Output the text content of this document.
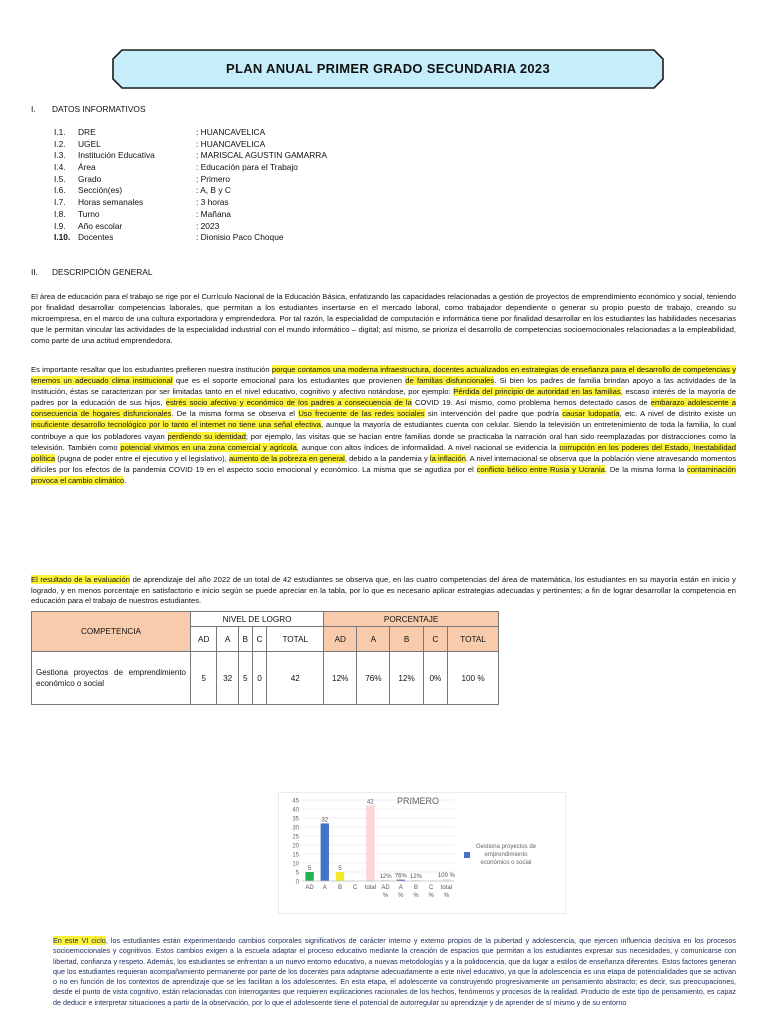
PLAN ANUAL PRIMER GRADO SECUNDARIA 2023
I. DATOS INFORMATIVOS
I.1. DRE	: HUANCAVELICA
I.2. UGEL	: HUANCAVELICA
I.3. Institución Educativa	: MARISCAL AGUSTIN GAMARRA
I.4. Área	: Educación para el Trabajo
I.5. Grado	: Primero
I.6. Sección(es)	: A, B y C
I.7. Horas semanales	: 3 horas
I.8. Turno	: Mañana
I.9. Año escolar	: 2023
I.10. Docentes	: Dionisio Paco Choque
II. DESCRIPCIÓN GENERAL
El área de educación para el trabajo se rige por el Currículo Nacional de la Educación Básica, enfatizando las capacidades relacionadas a gestión de proyectos de emprendimiento económico y social, teniendo por finalidad desarrollar competencias laborales, que permitan a los estudiantes insertarse en el mercado laboral, como trabajador dependiente o generar su propio puesto de trabajo, creando su microempresa, en el marco de una cultura exportadora y emprendedora. Por tal razón, la especialidad de computación e informática tiene por finalidad desarrollar en los estudiantes las habilidades necesarias que le permitan vincular las actividades de la especialidad industrial con el mundo informático – digital; así mismo, se prioriza el desarrollo de competencias socioemocionales relacionadas a la empleabilidad, como parte de una actitud emprendedora.
Es importante resaltar que los estudiantes prefieren nuestra institución porque contamos una moderna infraestructura, docentes actualizados en estrategias de enseñanza para el desarrollo de competencias y tenemos un adecuado clima institucional que es el soporte emocional para los estudiantes que provienen de familias disfuncionales. Si bien los padres de familia brindan apoyo a las actividades de la Institución, éstas se caracterizan por ser limitadas tanto en el nivel educativo, cognitivo y afectivo notándose, por ejemplo: Pérdida del principio de autoridad en las familias, escaso interés de la mayoría de padres por la educación de sus hijos, estrés socio afectivo y económico de los padres a consecuencia de la COVID 19. Así mismo, como problema hemos detectado casos de embarazo adolescente a consecuencia de hogares disfuncionales. De la misma forma se observa el Uso frecuente de las redes sociales sin intervención del padre que podría causar ludopatía, etc. A nivel de distrito existe un insuficiente desarrollo tecnológico por lo tanto el internet no tiene una señal efectiva, aunque la mayoría de estudiantes cuenta con celular. Siendo la televisión un entretenimiento de toda la familia, lo cual contribuye a que los pobladores vayan perdiendo su identidad; por ejemplo, las visitas que se hacían entre familias donde se practicaba la narración oral han sido reemplazadas por distracciones como la televisión. También como potencial vivimos en una zona comercial y agrícola, aunque con altos índices de informalidad. A nivel nacional se evidencia la corrupción en los poderes del Estado, Inestabilidad política (pugna de poder entre el ejecutivo y el legislativo), aumento de la pobreza en general, debido a la pandemia y la inflación. A nivel internacional se observa que la población viene atravesando momentos difíciles por los efectos de la pandemia COVID 19 en el aspecto socio emocional y económico. La misma que se agudiza por el conflicto bélico entre Rusia y Ucrania. De la misma forma la contaminación provoca el cambio climático.
El resultado de la evaluación de aprendizaje del año 2022 de un total de 42 estudiantes se observa que, en las cuatro competencias del área de matemática, los estudiantes en su mayoría están en inicio y logrado, y en menos porcentaje en satisfactorio e inicio según se puede apreciar en la tabla, por lo que es necesario aplicar estrategias adecuadas y pertinentes; a fin de lograr desarrollar la competencia en educación para el trabajo de nuestros estudiantes.
COMPETENCIA	NIVEL DE LOGRO					PORCENTAJE				
	AD	A	B	C	TOTAL	AD	A	B	C	TOTAL
Gestiona proyectos de emprendimiento económico o social	5	32	5	0	42	12%	76%	12%	0%	100 %
PRIMERO
0
5
10
15
20
25
30
35
40
45
5
AD
32
A
5
B C
42
total
12%
AD
%
76%
A
%
12%
B
%
C
%
100 %
total
%
Gestiona proyectos de
emprendimiento
económico o social
En este VI ciclo, los estudiantes están experimentando cambios corporales significativos de carácter interno y externo propios de la pubertad y adolescencia, que ejercen influencia decisiva en los procesos socioemocionales y cognitivos. Estos cambios exigen a la escuela adaptar el proceso educativo mediante la creación de espacios que permitan a los estudiantes expresar sus necesidades, y comunicarse con libertad, confianza y respeto. Además, los estudiantes se enfrentan a un nuevo entorno educativo, a nuevas metodologías y a la polidocencia, que da lugar a estilos de enseñanza diferentes. Estos factores generan que los estudiantes requieran acompañamiento permanente por parte de los docentes para adaptarse adecuadamente a este nivel educativo, ya que la adolescencia es una etapa de potencialidades que se activan o no en función de los contextos de aprendizaje que se les facilitan a los adolescentes. En esta etapa, el adolescente va construyendo progresivamente un pensamiento abstracto; es decir, sus preocupaciones, desde el punto de vista cognitivo, están relacionadas con interrogantes que requieren explicaciones racionales de los hechos, fenómenos y procesos de la realidad. Producto de este tipo de pensamiento, es capaz de deducir e interpretar situaciones a partir de la observación, por lo que el adolescente tiene el potencial de autorregular su aprendizaje y de aprender de sí mismo y de su entorno
